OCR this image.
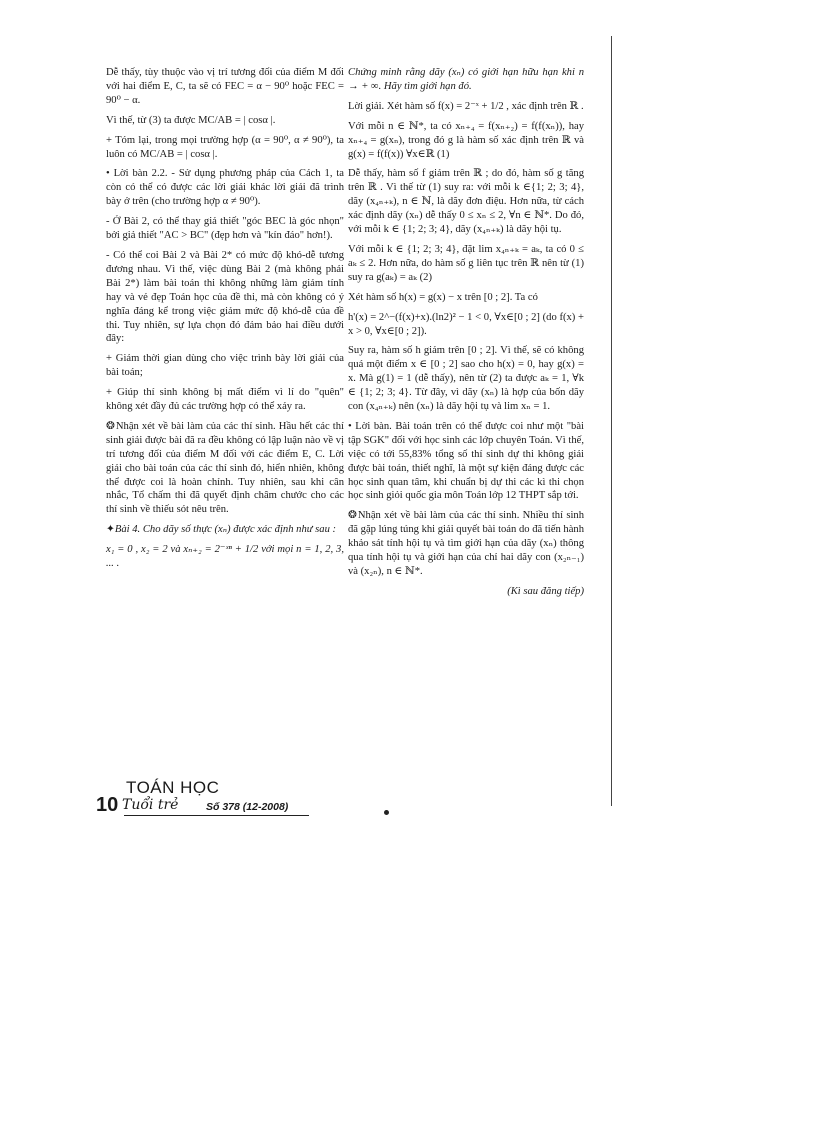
Dễ thấy, tùy thuộc vào vị trí tương đối của điểm M đối với hai điểm E, C, ta sẽ có FEC = α − 90⁰ hoặc FEC = 90⁰ − α.

Vì thế, từ (3) ta được MC/AB = | cosα |.

+ Tóm lại, trong mọi trường hợp (α = 90⁰, α ≠ 90⁰), ta luôn có MC/AB = | cosα |.

• Lời bàn 2.2. - Sử dụng phương pháp của Cách 1, ta còn có thể có được các lời giải khác lời giải đã trình bày ở trên (cho trường hợp α ≠ 90⁰).

- Ở Bài 2, có thể thay giả thiết "góc BEC là góc nhọn" bởi giả thiết "AC > BC" (đẹp hơn và "kín đáo" hơn!).

- Có thể coi Bài 2 và Bài 2* có mức độ khó-dễ tương đương nhau. Vì thế, việc dùng Bài 2 (mà không phải Bài 2*) làm bài toán thi không những làm giảm tính hay và vẻ đẹp Toán học của đề thi, mà còn không có ý nghĩa đáng kể trong việc giảm mức độ khó-dễ của đề thi. Tuy nhiên, sự lựa chọn đó đảm bảo hai điều dưới đây:

+ Giảm thời gian dùng cho việc trình bày lời giải của bài toán;

+ Giúp thí sinh không bị mất điểm vì lí do "quên" không xét đầy đủ các trường hợp có thể xảy ra.

❂Nhận xét về bài làm của các thí sinh. Hầu hết các thí sinh giải được bài đã ra đều không có lập luận nào về vị trí tương đối của điểm M đối với các điểm E, C. Lời giải cho bài toán của các thí sinh đó, hiển nhiên, không thể được coi là hoàn chỉnh. Tuy nhiên, sau khi cân nhắc, Tổ chấm thi đã quyết định châm chước cho các thí sinh về thiếu sót nêu trên.

✦Bài 4. Cho dãy số thực (xₙ) được xác định như sau :

x₁ = 0 , x₂ = 2 và xₙ₊₂ = 2⁻ˣⁿ + 1/2 với mọi n = 1, 2, 3, ... .

Chứng minh rằng dãy (xₙ) có giới hạn hữu hạn khi n → + ∞. Hãy tìm giới hạn đó.

Lời giải. Xét hàm số f(x) = 2⁻ˣ + 1/2 , xác định trên ℝ .

Với mỗi n ∈ ℕ*, ta có xₙ₊₄ = f(xₙ₊₂) = f(f(xₙ)), hay xₙ₊₄ = g(xₙ), trong đó g là hàm số xác định trên ℝ và g(x) = f(f(x)) ∀x∈ℝ (1)

Dễ thấy, hàm số f giảm trên ℝ ; do đó, hàm số g tăng trên ℝ . Vì thế từ (1) suy ra: với mỗi k ∈{1; 2; 3; 4}, dãy (x₄ₙ₊ₖ), n ∈ ℕ, là dãy đơn điệu. Hơn nữa, từ cách xác định dãy (xₙ) dễ thấy 0 ≤ xₙ ≤ 2, ∀n ∈ ℕ*. Do đó, với mỗi k ∈ {1; 2; 3; 4}, dãy (x₄ₙ₊ₖ) là dãy hội tụ.

Với mỗi k ∈ {1; 2; 3; 4}, đặt lim x₄ₙ₊ₖ = aₖ, ta có 0 ≤ aₖ ≤ 2. Hơn nữa, do hàm số g liên tục trên ℝ nên từ (1) suy ra g(aₖ) = aₖ (2)

Xét hàm số h(x) = g(x) − x trên [0 ; 2]. Ta có

h'(x) = 2^−(f(x)+x).(ln2)² − 1 < 0, ∀x∈[0 ; 2] (do f(x) + x > 0, ∀x∈[0 ; 2]).

Suy ra, hàm số h giảm trên [0 ; 2]. Vì thế, sẽ có không quá một điểm x ∈ [0 ; 2] sao cho h(x) = 0, hay g(x) = x. Mà g(1) = 1 (dễ thấy), nên từ (2) ta được aₖ = 1, ∀k ∈ {1; 2; 3; 4}. Từ đây, vì dãy (xₙ) là hợp của bốn dãy con (x₄ₙ₊ₖ) nên (xₙ) là dãy hội tụ và lim xₙ = 1.

• Lời bàn. Bài toán trên có thể được coi như một "bài tập SGK" đối với học sinh các lớp chuyên Toán. Vì thế, việc có tới 55,83% tổng số thí sinh dự thi không giải được bài toán, thiết nghĩ, là một sự kiện đáng được các học sinh quan tâm, khi chuẩn bị dự thi các kì thi chọn học sinh giỏi quốc gia môn Toán lớp 12 THPT sắp tới.

❂Nhận xét về bài làm của các thí sinh. Nhiều thí sinh đã gặp lúng túng khi giải quyết bài toán do đã tiến hành khảo sát tính hội tụ và tìm giới hạn của dãy (xₙ) thông qua tính hội tụ và giới hạn của chỉ hai dãy con (x₂ₙ₋₁) và (x₂ₙ), n ∈ ℕ*.

(Kì sau đăng tiếp)

10
TOÁN HỌC
Tuổi trẻ	Số 378 (12-2008)
